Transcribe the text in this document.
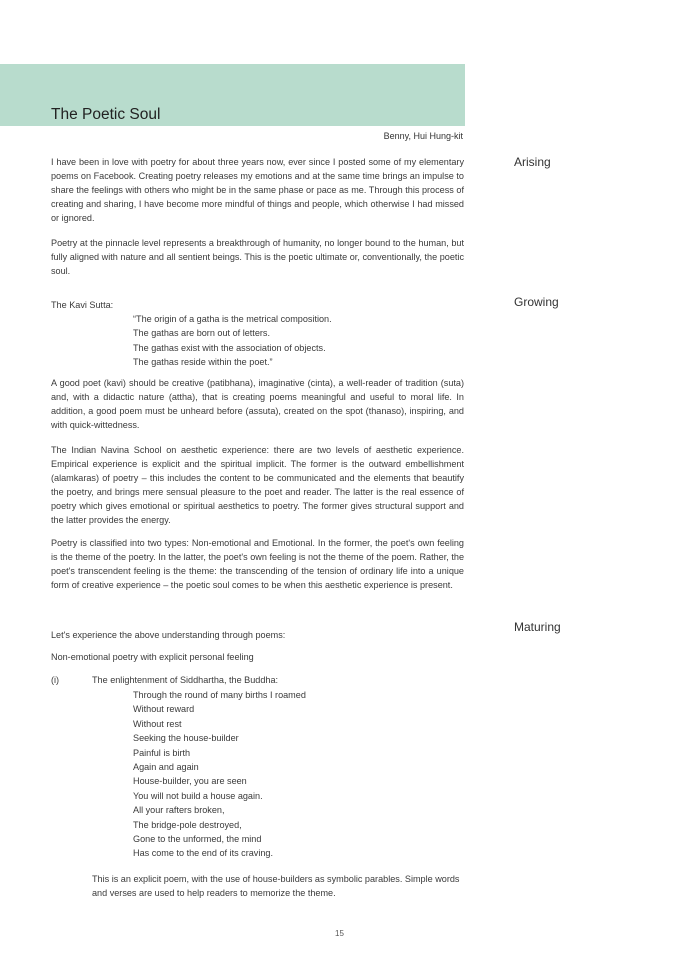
The Poetic Soul
Benny, Hui Hung-kit
Arising
Growing
Maturing

I have been in love with poetry for about three years now, ever since I posted some of my elementary poems on Facebook. Creating poetry releases my emotions and at the same time brings an impulse to share the feelings with others who might be in the same phase or pace as me. Through this process of creating and sharing, I have become more mindful of things and people, which otherwise I had missed or ignored.

Poetry at the pinnacle level represents a breakthrough of humanity, no longer bound to the human, but fully aligned with nature and all sentient beings. This is the poetic ultimate or, conventionally, the poetic soul.

The Kavi Sutta:

“The origin of a gatha is the metrical composition.
The gathas are born out of letters.
The gathas exist with the association of objects.
The gathas reside within the poet.”

A good poet (kavi) should be creative (patibhana), imaginative (cinta), a well-reader of tradition (suta) and, with a didactic nature (attha), that is creating poems meaningful and useful to moral life. In addition, a good poem must be unheard before (assuta), created on the spot (thanaso), inspiring, and with quick-wittedness.

The Indian Navina School on aesthetic experience: there are two levels of aesthetic experience. Empirical experience is explicit and the spiritual implicit. The former is the outward embellishment (alamkaras) of poetry – this includes the content to be communicated and the elements that beautify the poetry, and brings mere sensual pleasure to the poet and reader. The latter is the real essence of poetry which gives emotional or spiritual aesthetics to poetry. The former gives structural support and the latter provides the energy.

Poetry is classified into two types: Non-emotional and Emotional. In the former, the poet's own feeling is the theme of the poetry. In the latter, the poet's own feeling is not the theme of the poem. Rather, the poet's transcendent feeling is the theme: the transcending of the tension of ordinary life into a unique form of creative experience – the poetic soul comes to be when this aesthetic experience is present.

Let's experience the above understanding through poems:

Non-emotional poetry with explicit personal feeling

(i)	The enlightenment of Siddhartha, the Buddha:

Through the round of many births I roamed
Without reward
Without rest
Seeking the house-builder
Painful is birth
Again and again
House-builder, you are seen
You will not build a house again.
All your rafters broken,
The bridge-pole destroyed,
Gone to the unformed, the mind
Has come to the end of its craving.

This is an explicit poem, with the use of house-builders as symbolic parables. Simple words and verses are used to help readers to memorize the theme.

15
